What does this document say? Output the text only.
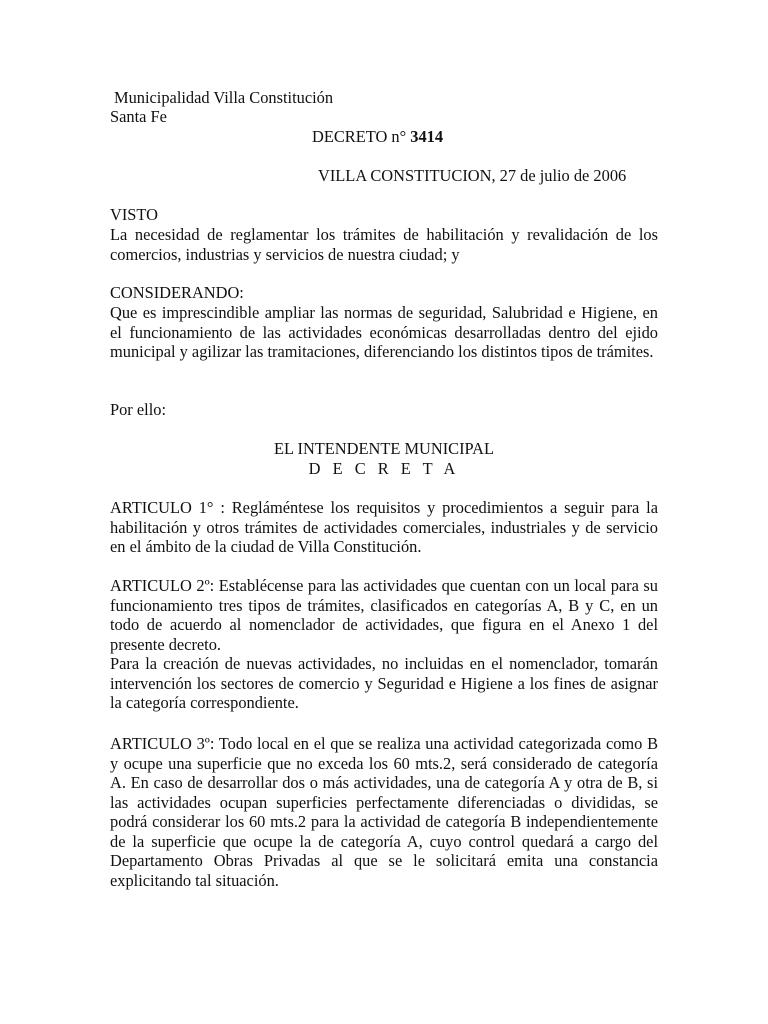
Municipalidad Villa Constitución
Santa Fe
DECRETO n° 3414
VILLA CONSTITUCION, 27 de julio de 2006
VISTO
La necesidad de reglamentar los trámites de habilitación y revalidación de los comercios, industrias y servicios de nuestra ciudad; y
CONSIDERANDO:
Que es imprescindible ampliar las normas de seguridad, Salubridad e Higiene, en el funcionamiento de las actividades económicas desarrolladas dentro del ejido municipal y agilizar las tramitaciones, diferenciando los distintos tipos de trámites.
Por ello:
EL INTENDENTE MUNICIPAL
D E C R E T A
ARTICULO 1° : Regláméntese los requisitos y procedimientos a seguir para la habilitación y otros trámites de actividades comerciales, industriales y de servicio en el ámbito de la ciudad de Villa Constitución.
ARTICULO 2º: Establécense para las actividades que cuentan con un local para su funcionamiento tres tipos de trámites, clasificados en categorías A, B y C, en un todo de acuerdo al nomenclador de actividades, que figura en el Anexo 1 del presente decreto.
Para la creación de nuevas actividades, no incluidas en el nomenclador, tomarán intervención los sectores de comercio y Seguridad e Higiene a los fines de asignar la categoría correspondiente.
ARTICULO 3º: Todo local en el que se realiza una actividad categorizada como B y ocupe una superficie que no exceda los 60 mts.2, será considerado de categoría A. En caso de desarrollar dos o más actividades, una de categoría A y otra de B, si las actividades ocupan superficies perfectamente diferenciadas o divididas, se podrá considerar los 60 mts.2 para la actividad de categoría B independientemente de la superficie que ocupe la de categoría A, cuyo control quedará a cargo del Departamento Obras Privadas al que se le solicitará emita una constancia explicitando tal situación.
